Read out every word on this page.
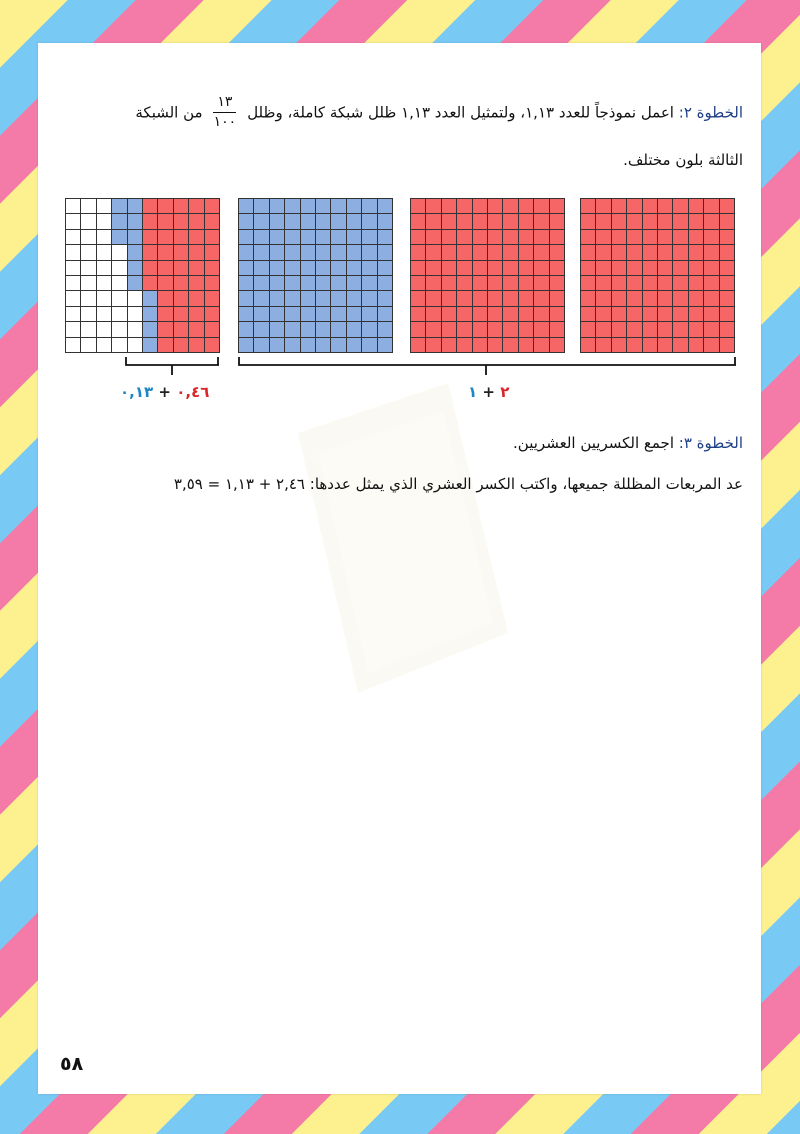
الخطوة ٢: اعمل نموذجاً للعدد ١,١٣، ولتمثيل العدد ١,١٣ ظلل شبكة كاملة، وظلل
$\frac{١٣}{١٠٠}$
من الشبكة
الثالثة بلون مختلف.
٠,٤٦ + ٠,١٣	٢ + ١
الخطوة ٣: اجمع الكسريين العشريين.
عد المربعات المظللة جميعها، واكتب الكسر العشري الذي يمثل عددها: ٢,٤٦ + ١,١٣ = ٣,٥٩
٥٨
